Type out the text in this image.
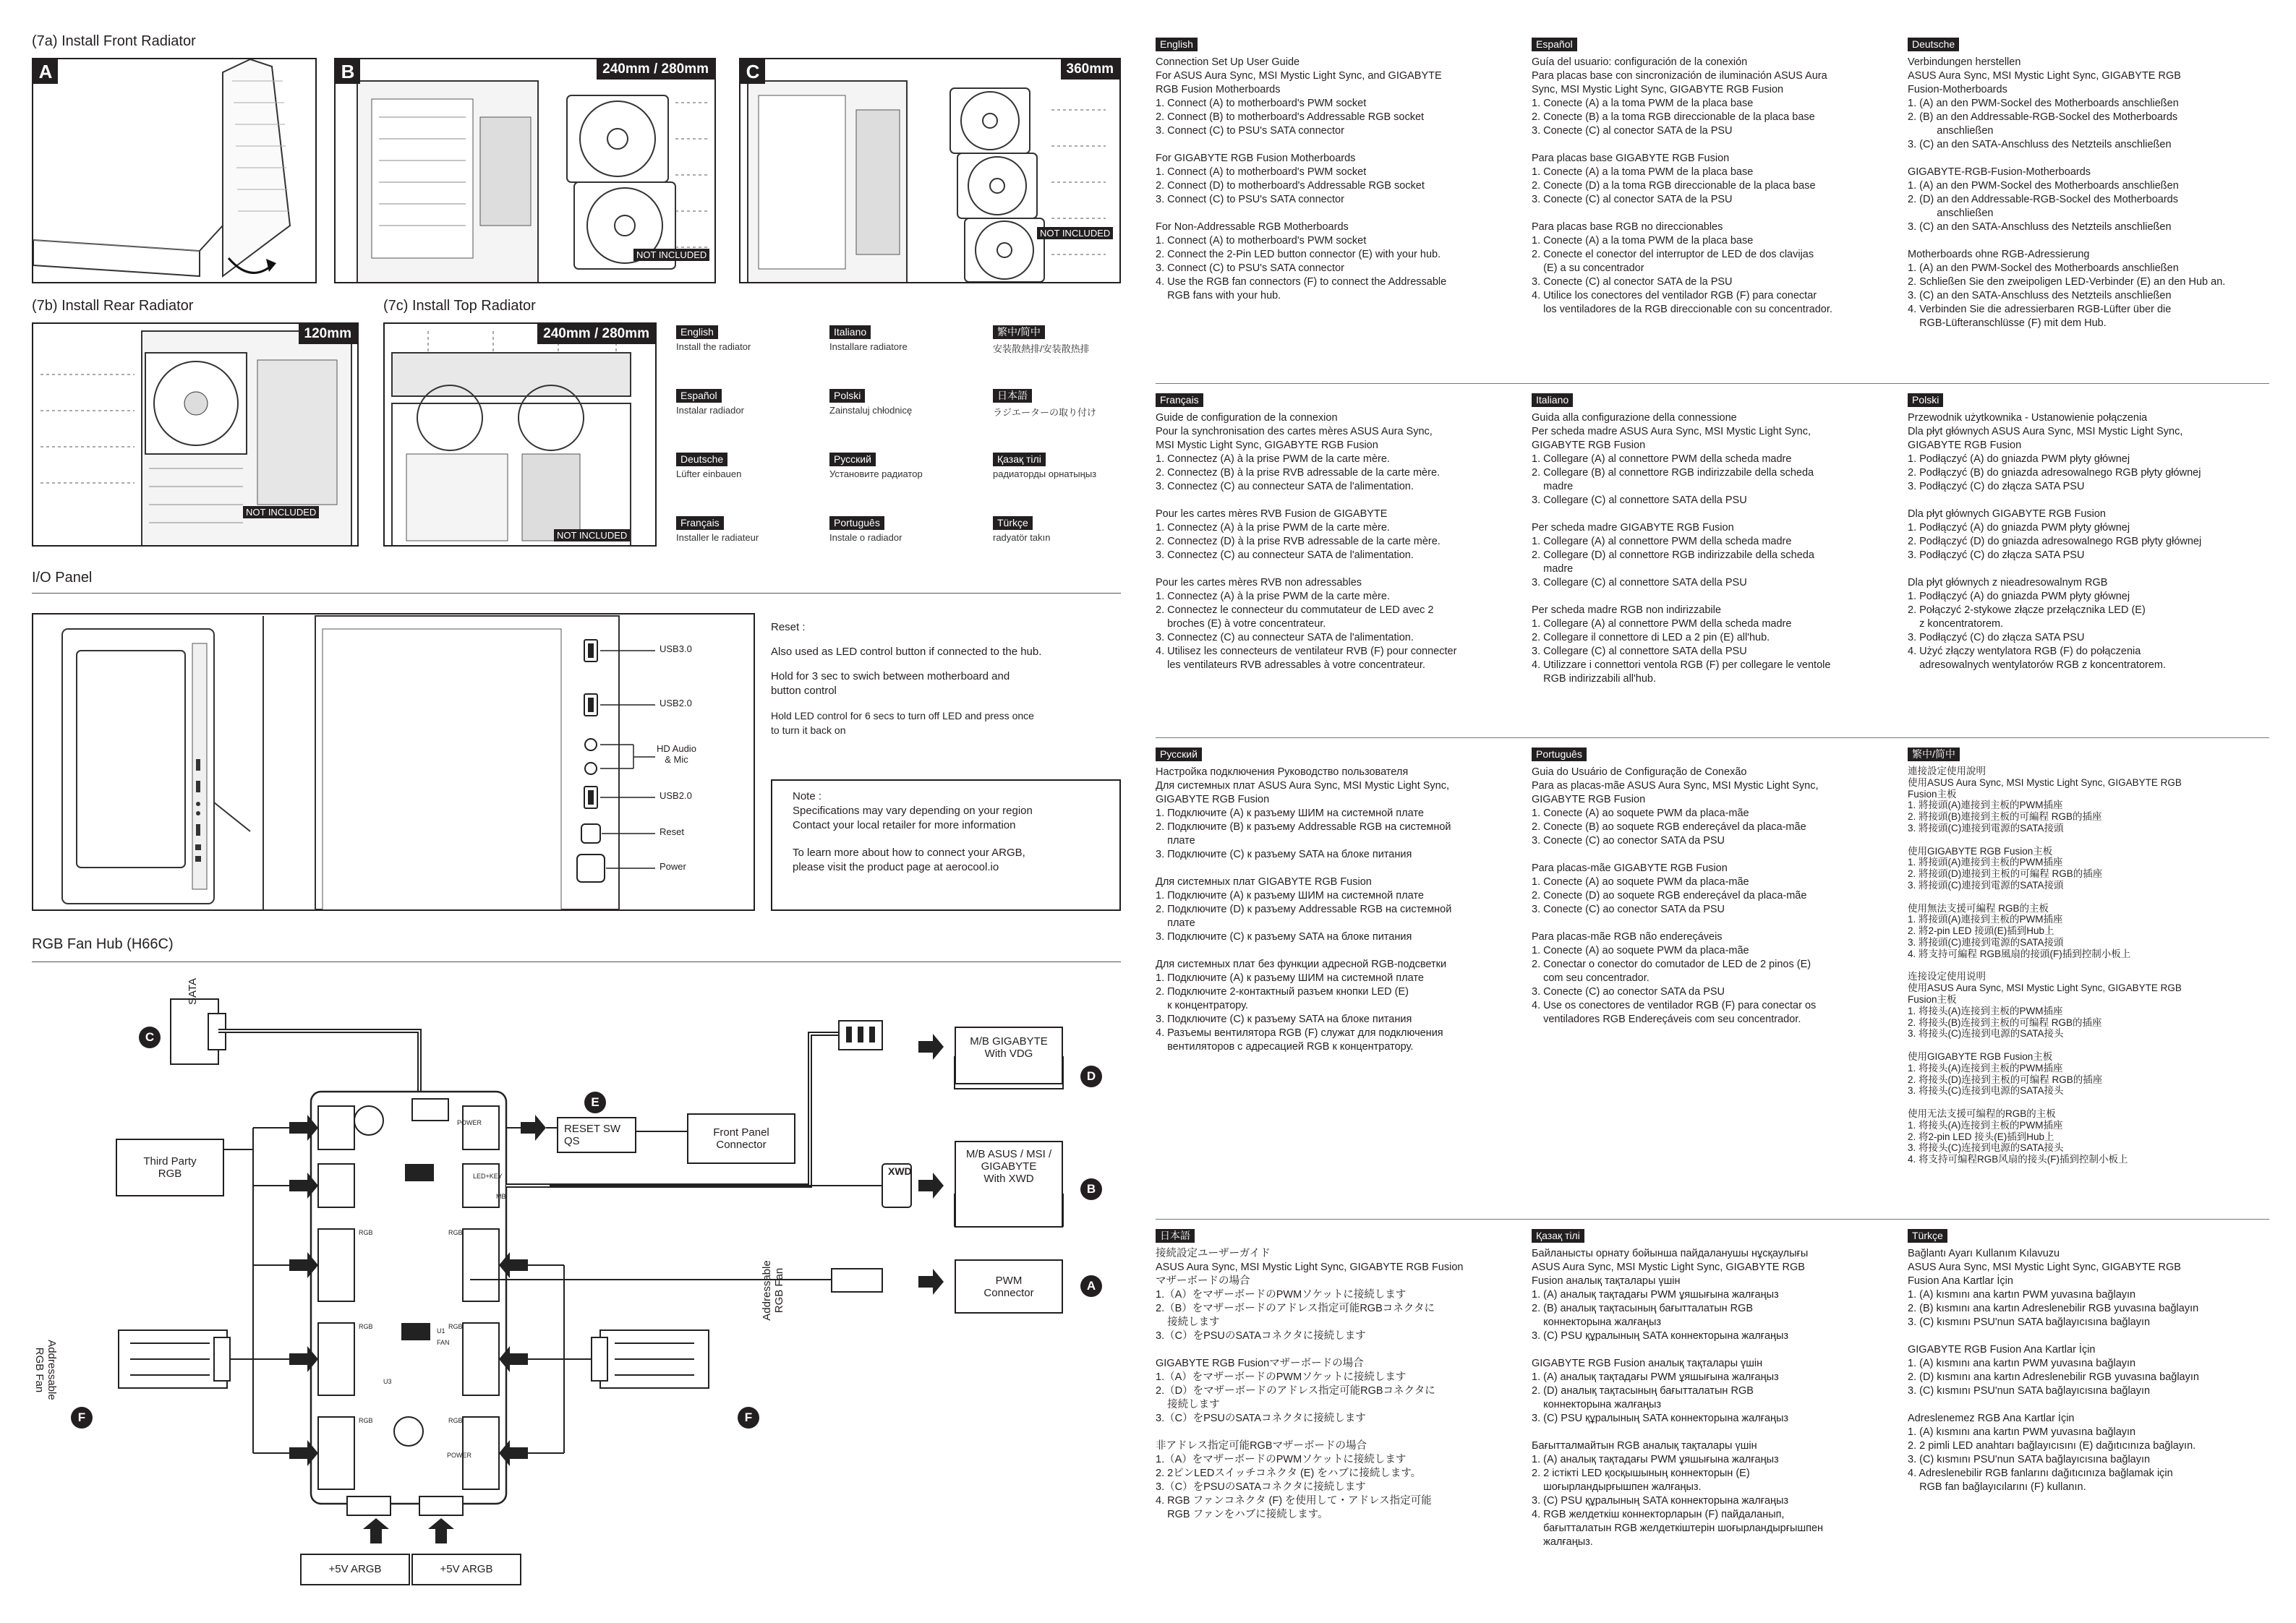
(7a) Install Front Radiator
A	B	240mm / 280mm
NOT INCLUDED
C	360mm
NOT INCLUDED
(7b) Install Rear Radiator
120mm
NOT INCLUDED
(7c) Install Top Radiator
240mm / 280mm
NOT INCLUDED
English
Install the radiator
Italiano
Installare radiatore
繁中/简中
安装散熱排/安装散热排
Español
Instalar radiador
Polski
Zainstaluj chłodnicę
日本語
ラジエーターの取り付け
Deutsche
Lüfter einbauen
Русский
Установите радиатор
Қазақ тілі
радиаторды орнатыңыз
Français
Installer le radiateur
Português
Instale o radiador
Türkçe
radyatör takın
I/O Panel
USB3.0
USB2.0
HD Audio
& Mic
USB2.0
Reset
Power
Reset :
Also used as LED control button if connected to the hub.
Hold for 3 sec to swich between motherboard and
button control
Hold LED control for 6 secs to turn off LED and press once
to turn it back on
Note :
Specifications may vary depending on your region
Contact your local retailer for more information
To learn more about how to connect your ARGB,
please visit the product page at aerocool.io
RGB Fan Hub (H66C)
SATA
C
Third Party
RGB
Addressable
RGB Fan
F
Addressable
RGB Fan
F
RESET SW
QS
E
Front Panel
Connector
M/B GIGABYTE
With VDG
D
M/B ASUS / MSI /
GIGABYTE
With XWD
B
XWD
PWM
Connector	A
+5V ARGB	+5V ARGB
POWER
LED+KEY
MB
RGB
RGB
RGB
RGB
RGB
RGB
POWER
U1
FAN
U3
English
Connection Set Up User Guide
For ASUS Aura Sync, MSI Mystic Light Sync, and GIGABYTE
RGB Fusion Motherboards
1. Connect (A) to motherboard's PWM socket
2. Connect (B) to motherboard's Addressable RGB socket
3. Connect (C) to PSU's SATA connector

For GIGABYTE RGB Fusion Motherboards
1. Connect (A) to motherboard's PWM socket
2. Connect (D) to motherboard's Addressable RGB socket
3. Connect (C) to PSU's SATA connector

For Non-Addressable RGB Motherboards
1. Connect (A) to motherboard's PWM socket
2. Connect the 2-Pin LED button connector (E) with your hub.
3. Connect (C) to PSU's SATA connector
4. Use the RGB fan connectors (F) to connect the Addressable
RGB fans with your hub.
Español
Guía del usuario: configuración de la conexión
Para placas base con sincronización de iluminación ASUS Aura
Sync, MSI Mystic Light Sync, GIGABYTE RGB Fusion
1. Conecte (A) a la toma PWM de la placa base
2. Conecte (B) a la toma RGB direccionable de la placa base
3. Conecte (C) al conector SATA de la PSU

Para placas base GIGABYTE RGB Fusion
1. Conecte (A) a la toma PWM de la placa base
2. Conecte (D) a la toma RGB direccionable de la placa base
3. Conecte (C) al conector SATA de la PSU

Para placas base RGB no direccionables
1. Conecte (A) a la toma PWM de la placa base
2. Conecte el conector del interruptor de LED de dos clavijas
(E) a su concentrador
3. Conecte (C) al conector SATA de la PSU
4. Utilice los conectores del ventilador RGB (F) para conectar
los ventiladores de la RGB direccionable con su concentrador.
Deutsche
Verbindungen herstellen
ASUS Aura Sync, MSI Mystic Light Sync, GIGABYTE RGB
Fusion-Motherboards
1. (A) an den PWM-Sockel des Motherboards anschließen
2. (B) an den Addressable-RGB-Sockel des Motherboards
anschließen
3. (C) an den SATA-Anschluss des Netzteils anschließen

GIGABYTE-RGB-Fusion-Motherboards
1. (A) an den PWM-Sockel des Motherboards anschließen
2. (D) an den Addressable-RGB-Sockel des Motherboards
anschließen
3. (C) an den SATA-Anschluss des Netzteils anschließen

Motherboards ohne RGB-Adressierung
1. (A) an den PWM-Sockel des Motherboards anschließen
2. Schließen Sie den zweipoligen LED-Verbinder (E) an den Hub an.
3. (C) an den SATA-Anschluss des Netzteils anschließen
4. Verbinden Sie die adressierbaren RGB-Lüfter über die
RGB-Lüfteranschlüsse (F) mit dem Hub.
Français
Guide de configuration de la connexion
Pour la synchronisation des cartes mères ASUS Aura Sync,
MSI Mystic Light Sync, GIGABYTE RGB Fusion
1. Connectez (A) à la prise PWM de la carte mère.
2. Connectez (B) à la prise RVB adressable de la carte mère.
3. Connectez (C) au connecteur SATA de l'alimentation.

Pour les cartes mères RVB Fusion de GIGABYTE
1. Connectez (A) à la prise PWM de la carte mère.
2. Connectez (D) à la prise RVB adressable de la carte mère.
3. Connectez (C) au connecteur SATA de l'alimentation.

Pour les cartes mères RVB non adressables
1. Connectez (A) à la prise PWM de la carte mère.
2. Connectez le connecteur du commutateur de LED avec 2
broches (E) à votre concentrateur.
3. Connectez (C) au connecteur SATA de l'alimentation.
4. Utilisez les connecteurs de ventilateur RVB (F) pour connecter
les ventilateurs RVB adressables à votre concentrateur.
Italiano
Guida alla configurazione della connessione
Per scheda madre ASUS Aura Sync, MSI Mystic Light Sync,
GIGABYTE RGB Fusion
1. Collegare (A) al connettore PWM della scheda madre
2. Collegare (B) al connettore RGB indirizzabile della scheda
madre
3. Collegare (C) al connettore SATA della PSU

Per scheda madre GIGABYTE RGB Fusion
1. Collegare (A) al connettore PWM della scheda madre
2. Collegare (D) al connettore RGB indirizzabile della scheda
madre
3. Collegare (C) al connettore SATA della PSU

Per scheda madre RGB non indirizzabile
1. Collegare (A) al connettore PWM della scheda madre
2. Collegare il connettore di LED a 2 pin (E) all'hub.
3. Collegare (C) al connettore SATA della PSU
4. Utilizzare i connettori ventola RGB (F) per collegare le ventole
RGB indirizzabili all'hub.
Polski
Przewodnik użytkownika - Ustanowienie połączenia
Dla płyt głównych ASUS Aura Sync, MSI Mystic Light Sync,
GIGABYTE RGB Fusion
1. Podłączyć (A) do gniazda PWM płyty głównej
2. Podłączyć (B) do gniazda adresowalnego RGB płyty głównej
3. Podłączyć (C) do złącza SATA PSU

Dla płyt głównych GIGABYTE RGB Fusion
1. Podłączyć (A) do gniazda PWM płyty głównej
2. Podłączyć (D) do gniazda adresowalnego RGB płyty głównej
3. Podłączyć (C) do złącza SATA PSU

Dla płyt głównych z nieadresowalnym RGB
1. Podłączyć (A) do gniazda PWM płyty głównej
2. Połączyć 2-stykowe złącze przełącznika LED (E)
z koncentratorem.
3. Podłączyć (C) do złącza SATA PSU
4. Użyć złączy wentylatora RGB (F) do połączenia
adresowalnych wentylatorów RGB z koncentratorem.
Русский
Настройка подключения Руководство пользователя
Для системных плат ASUS Aura Sync, MSI Mystic Light Sync,
GIGABYTE RGB Fusion
1. Подключите (A) к разъему ШИМ на системной плате
2. Подключите (B) к разъему Addressable RGB на системной
плате
3. Подключите (C) к разъему SATA на блоке питания

Для системных плат GIGABYTE RGB Fusion
1. Подключите (A) к разъему ШИМ на системной плате
2. Подключите (D) к разъему Addressable RGB на системной
плате
3. Подключите (C) к разъему SATA на блоке питания

Для системных плат без функции адресной RGB-подсветки
1. Подключите (A) к разъему ШИМ на системной плате
2. Подключите 2-контактный разъем кнопки LED (E)
к концентратору.
3. Подключите (C) к разъему SATA на блоке питания
4. Разъемы вентилятора RGB (F) служат для подключения
вентиляторов с адресацией RGB к концентратору.
Português
Guia do Usuário de Configuração de Conexão
Para as placas-mãe ASUS Aura Sync, MSI Mystic Light Sync,
GIGABYTE RGB Fusion
1. Conecte (A) ao soquete PWM da placa-mãe
2. Conecte (B) ao soquete RGB endereçável da placa-mãe
3. Conecte (C) ao conector SATA da PSU

Para placas-mãe GIGABYTE RGB Fusion
1. Conecte (A) ao soquete PWM da placa-mãe
2. Conecte (D) ao soquete RGB endereçável da placa-mãe
3. Conecte (C) ao conector SATA da PSU

Para placas-mãe RGB não endereçáveis
1. Conecte (A) ao soquete PWM da placa-mãe
2. Conectar o conector do comutador de LED de 2 pinos (E)
com seu concentrador.
3. Conecte (C) ao conector SATA da PSU
4. Use os conectores de ventilador RGB (F) para conectar os
ventiladores RGB Endereçáveis com seu concentrador.
繁中/简中
連接設定使用說明
使用ASUS Aura Sync, MSI Mystic Light Sync, GIGABYTE RGB
Fusion主板
1. 將接頭(A)連接到主板的PWM插座
2. 將接頭(B)連接到主板的可編程 RGB的插座
3. 將接頭(C)連接到電源的SATA接頭

使用GIGABYTE RGB Fusion主板
1. 將接頭(A)連接到主板的PWM插座
2. 將接頭(D)連接到主板的可編程 RGB的插座
3. 將接頭(C)連接到電源的SATA接頭

使用無法支援可編程 RGB的主板
1. 將接頭(A)連接到主板的PWM插座
2. 將2-pin LED 接頭(E)插到Hub上
3. 將接頭(C)連接到電源的SATA接頭
4. 將支持可編程 RGB風扇的接頭(F)插到控制小板上

连接设定使用说明
使用ASUS Aura Sync, MSI Mystic Light Sync, GIGABYTE RGB
Fusion主板
1. 将接头(A)连接到主板的PWM插座
2. 将接头(B)连接到主板的可编程 RGB的插座
3. 将接头(C)连接到电源的SATA接头

使用GIGABYTE RGB Fusion主板
1. 将接头(A)连接到主板的PWM插座
2. 将接头(D)连接到主板的可编程 RGB的插座
3. 将接头(C)连接到电源的SATA接头

使用无法支援可编程的RGB的主板
1. 将接头(A)连接到主板的PWM插座
2. 将2-pin LED 接头(E)插到Hub上
3. 将接头(C)连接到电源的SATA接头
4. 将支持可编程RGB风扇的接头(F)插到控制小板上
日本語
接続設定ユーザーガイド
ASUS Aura Sync, MSI Mystic Light Sync, GIGABYTE RGB Fusion
マザーボードの場合
1.（A）をマザーボードのPWMソケットに接続します
2.（B）をマザーボードのアドレス指定可能RGBコネクタに
接続します
3.（C）をPSUのSATAコネクタに接続します

GIGABYTE RGB Fusionマザーボードの場合
1.（A）をマザーボードのPWMソケットに接続します
2.（D）をマザーボードのアドレス指定可能RGBコネクタに
接続します
3.（C）をPSUのSATAコネクタに接続します

非アドレス指定可能RGBマザーボードの場合
1.（A）をマザーボードのPWMソケットに接続します
2. 2ピンLEDスイッチコネクタ (E) をハブに接続します。
3.（C）をPSUのSATAコネクタに接続します
4. RGB ファンコネクタ (F) を使用して・アドレス指定可能
RGB ファンをハブに接続します。
Қазақ тілі
Байланысты орнату бойынша пайдаланушы нұсқаулығы
ASUS Aura Sync, MSI Mystic Light Sync, GIGABYTE RGB
Fusion аналық тақталары үшін
1. (A) аналық тақтадағы PWM ұяшығына жалғаңыз
2. (B) аналық тақтасының бағытталатын RGB
коннекторына жалғаңыз
3. (C) PSU құралының SATA коннекторына жалғаңыз

GIGABYTE RGB Fusion аналық тақталары үшін
1. (A) аналық тақтадағы PWM ұяшығына жалғаңыз
2. (D) аналық тақтасының бағытталатын RGB
коннекторына жалғаңыз
3. (C) PSU құралының SATA коннекторына жалғаңыз

Бағытталмайтын RGB аналық тақталары үшін
1. (A) аналық тақтадағы PWM ұяшығына жалғаңыз
2. 2 істікті LED қосқышының коннекторын (E)
шоғырландырғышпен жалғаңыз.
3. (C) PSU құралының SATA коннекторына жалғаңыз
4. RGB желдеткіш коннекторларын (F) пайдаланып,
бағытталатын RGB желдеткіштерін шоғырландырғышпен
жалғаңыз.
Türkçe
Bağlantı Ayarı Kullanım Kılavuzu
ASUS Aura Sync, MSI Mystic Light Sync, GIGABYTE RGB
Fusion Ana Kartlar İçin
1. (A) kısmını ana kartın PWM yuvasına bağlayın
2. (B) kısmını ana kartın Adreslenebilir RGB yuvasına bağlayın
3. (C) kısmını PSU'nun SATA bağlayıcısına bağlayın

GIGABYTE RGB Fusion Ana Kartlar İçin
1. (A) kısmını ana kartın PWM yuvasına bağlayın
2. (D) kısmını ana kartın Adreslenebilir RGB yuvasına bağlayın
3. (C) kısmını PSU'nun SATA bağlayıcısına bağlayın

Adreslenemez RGB Ana Kartlar İçin
1. (A) kısmını ana kartın PWM yuvasına bağlayın
2. 2 pimli LED anahtarı bağlayıcısını (E) dağıtıcınıza bağlayın.
3. (C) kısmını PSU'nun SATA bağlayıcısına bağlayın
4. Adreslenebilir RGB fanlarını dağıtıcınıza bağlamak için
RGB fan bağlayıcılarını (F) kullanın.
